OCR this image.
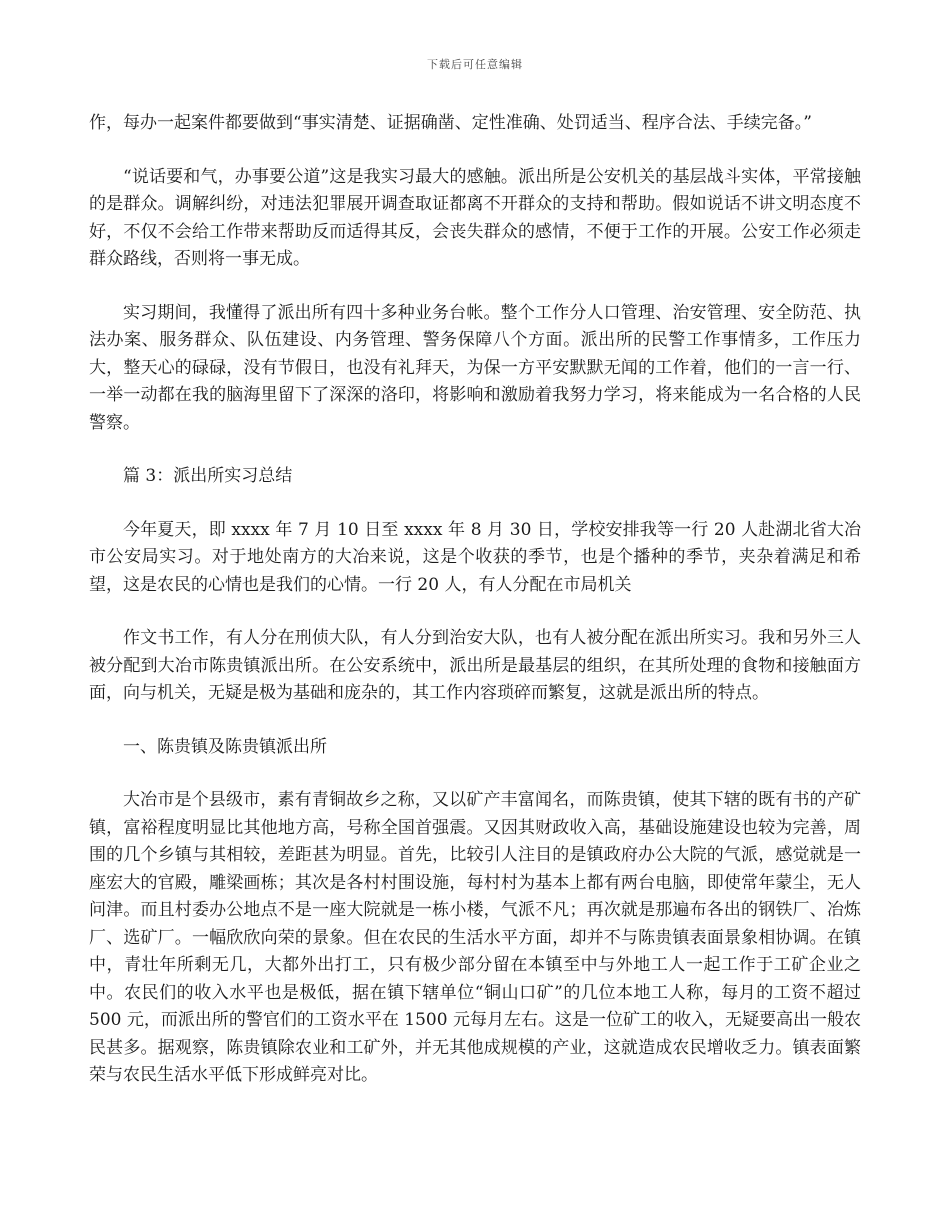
下载后可任意编辑

作，每办一起案件都要做到“事实清楚、证据确凿、定性准确、处罚适当、程序合法、手续完备。”

“说话要和气，办事要公道”这是我实习最大的感触。派出所是公安机关的基层战斗实体，平常接触的是群众。调解纠纷，对违法犯罪展开调查取证都离不开群众的支持和帮助。假如说话不讲文明态度不好，不仅不会给工作带来帮助反而适得其反，会丧失群众的感情，不便于工作的开展。公安工作必须走群众路线，否则将一事无成。

实习期间，我懂得了派出所有四十多种业务台帐。整个工作分人口管理、治安管理、安全防范、执法办案、服务群众、队伍建设、内务管理、警务保障八个方面。派出所的民警工作事情多，工作压力大，整天心的碌碌，没有节假日，也没有礼拜天，为保一方平安默默无闻的工作着，他们的一言一行、一举一动都在我的脑海里留下了深深的洛印，将影响和激励着我努力学习，将来能成为一名合格的人民警察。

篇 3：派出所实习总结

今年夏天，即 xxxx 年 7 月 10 日至 xxxx 年 8 月 30 日，学校安排我等一行 20 人赴湖北省大冶市公安局实习。对于地处南方的大冶来说，这是个收获的季节，也是个播种的季节，夹杂着满足和希望，这是农民的心情也是我们的心情。一行 20 人，有人分配在市局机关

作文书工作，有人分在刑侦大队，有人分到治安大队，也有人被分配在派出所实习。我和另外三人被分配到大冶市陈贵镇派出所。在公安系统中，派出所是最基层的组织，在其所处理的食物和接触面方面，向与机关，无疑是极为基础和庞杂的，其工作内容琐碎而繁复，这就是派出所的特点。

一、陈贵镇及陈贵镇派出所

大冶市是个县级市，素有青铜故乡之称，又以矿产丰富闻名，而陈贵镇，使其下辖的既有书的产矿镇，富裕程度明显比其他地方高，号称全国首强震。又因其财政收入高，基础设施建设也较为完善，周围的几个乡镇与其相较，差距甚为明显。首先，比较引人注目的是镇政府办公大院的气派，感觉就是一座宏大的官殿，雕梁画栋；其次是各村村围设施，每村村为基本上都有两台电脑，即使常年蒙尘，无人问津。而且村委办公地点不是一座大院就是一栋小楼，气派不凡；再次就是那遍布各出的钢铁厂、冶炼厂、选矿厂。一幅欣欣向荣的景象。但在农民的生活水平方面，却并不与陈贵镇表面景象相协调。在镇中，青壮年所剩无几，大都外出打工，只有极少部分留在本镇至中与外地工人一起工作于工矿企业之中。农民们的收入水平也是极低，据在镇下辖单位“铜山口矿”的几位本地工人称，每月的工资不超过 500 元，而派出所的警官们的工资水平在 1500 元每月左右。这是一位矿工的收入，无疑要高出一般农民甚多。据观察，陈贵镇除农业和工矿外，并无其他成规模的产业，这就造成农民增收乏力。镇表面繁荣与农民生活水平低下形成鲜亮对比。
